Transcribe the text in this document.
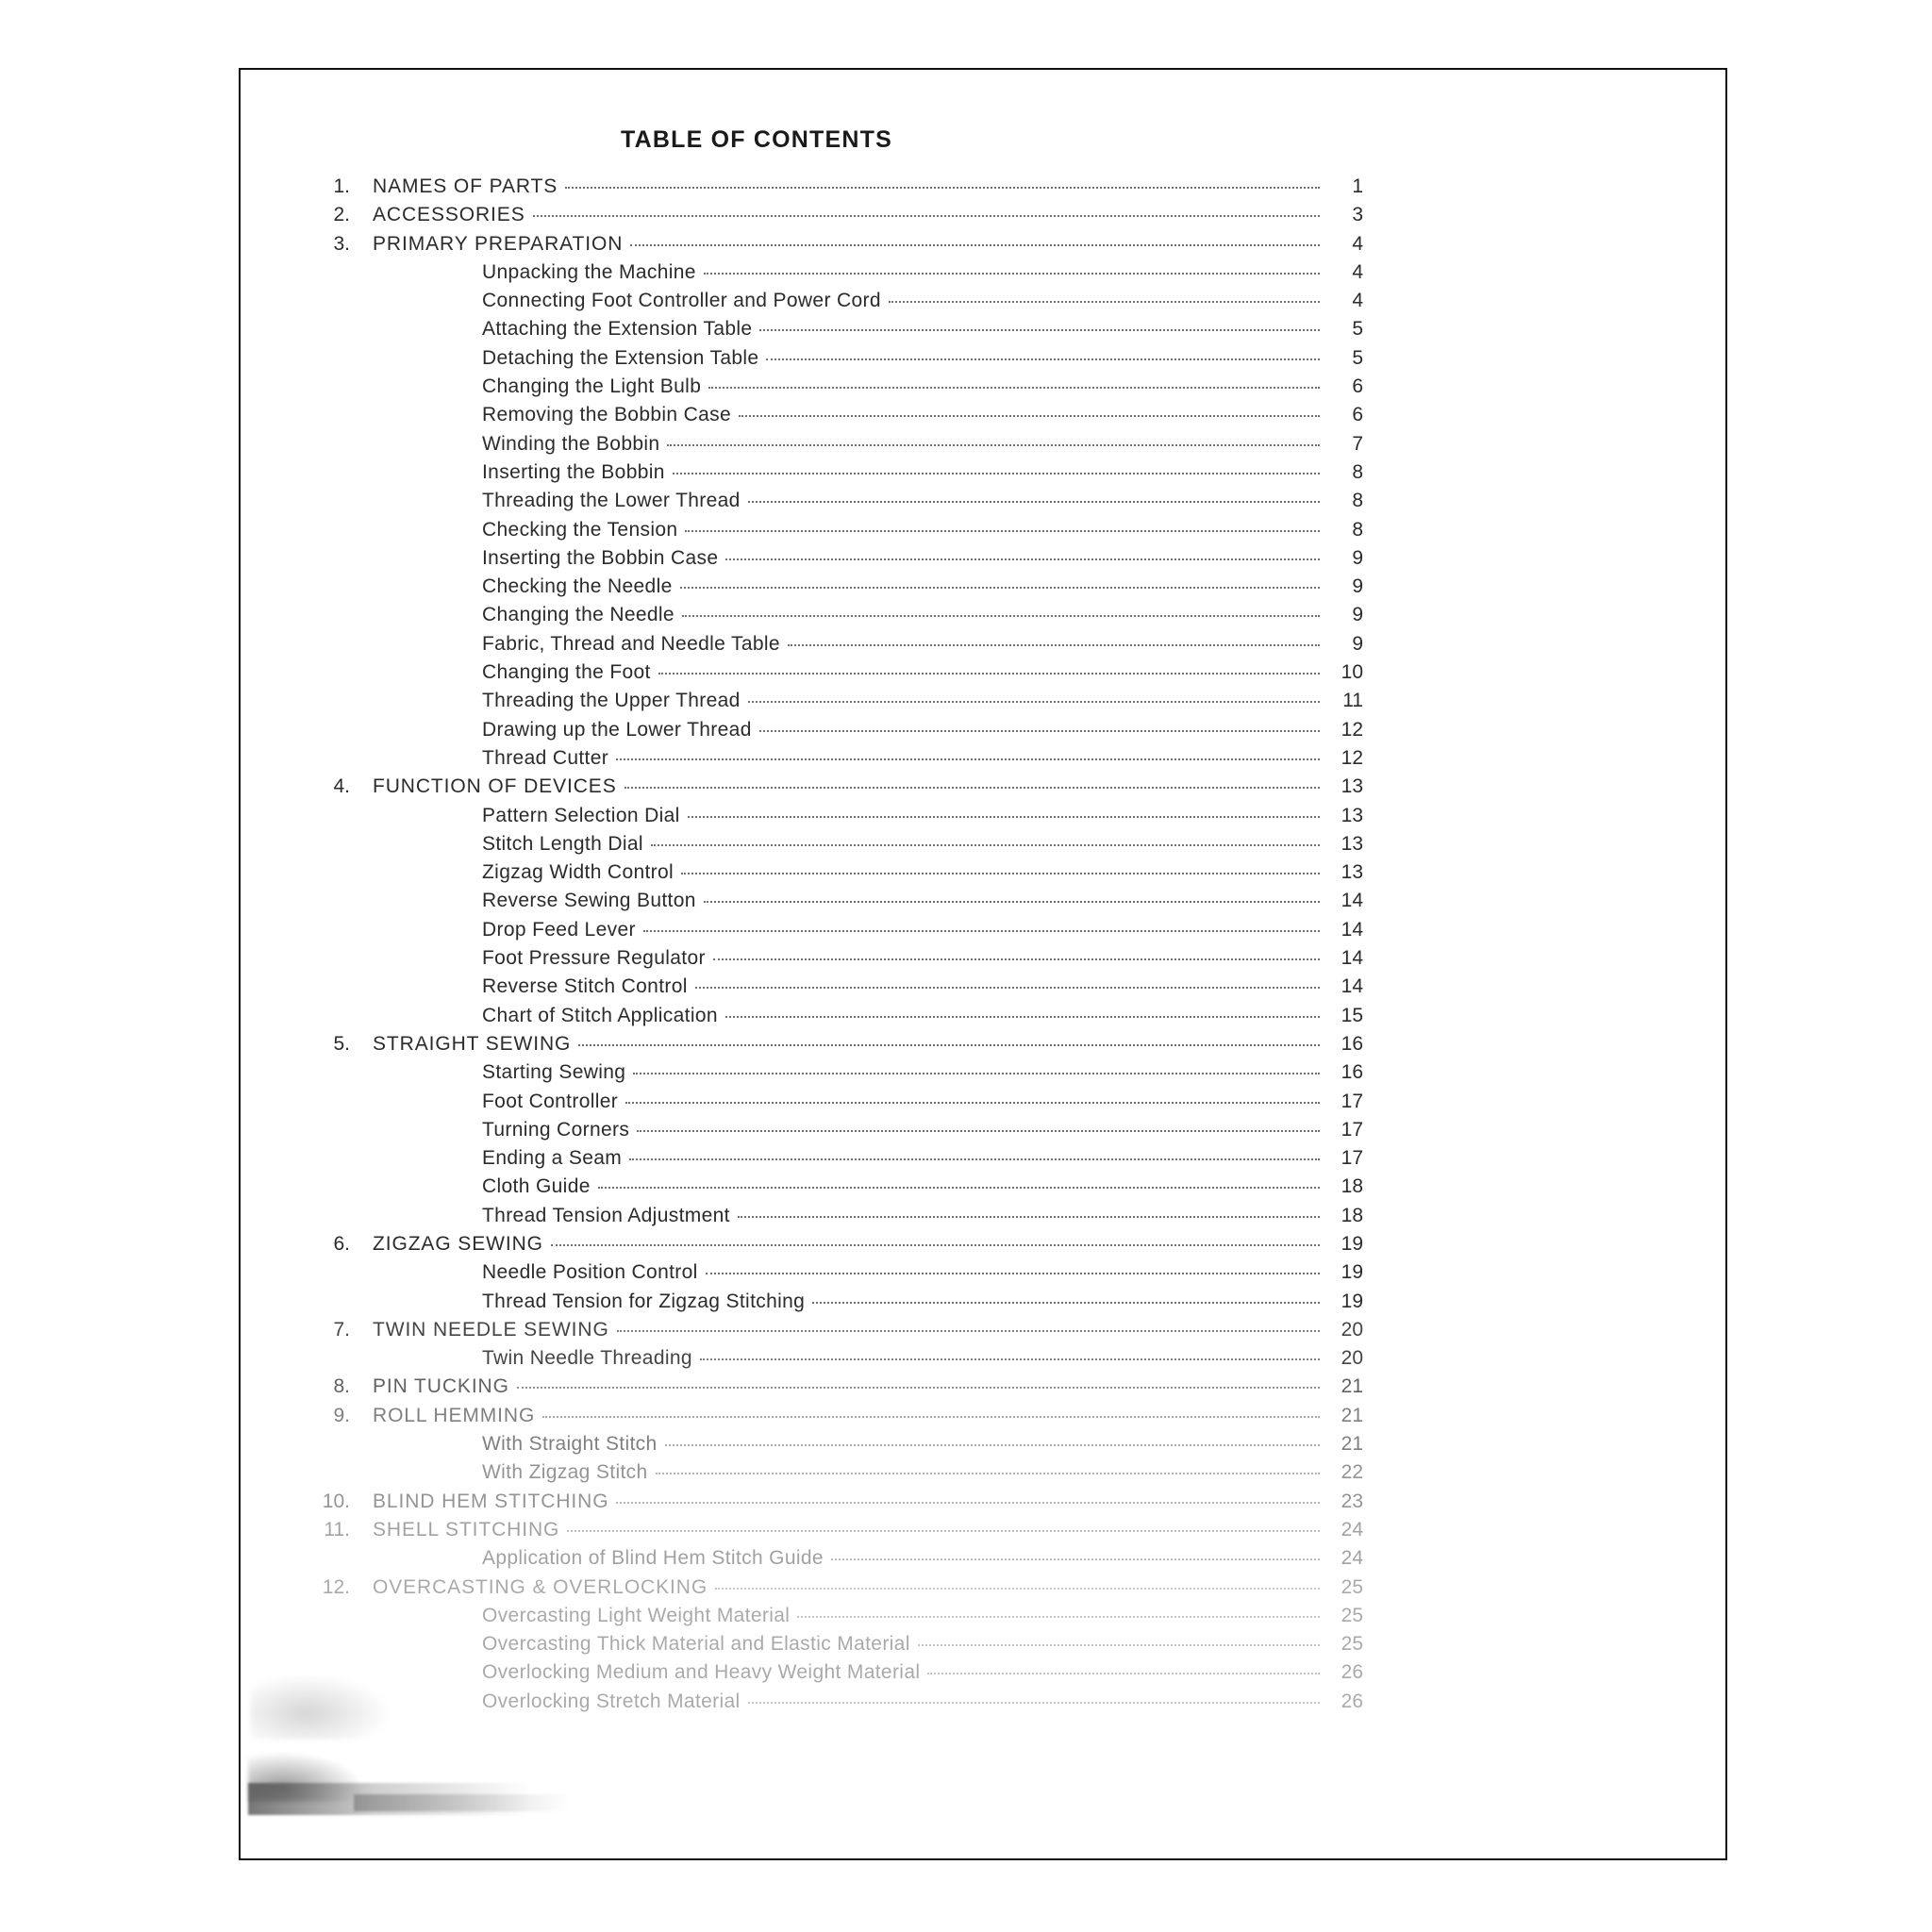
TABLE OF CONTENTS
1.	NAMES OF PARTS	1
2.	ACCESSORIES	3
3.	PRIMARY PREPARATION	4
Unpacking the Machine	4
Connecting Foot Controller and Power Cord	4
Attaching the Extension Table	5
Detaching the Extension Table	5
Changing the Light Bulb	6
Removing the Bobbin Case	6
Winding the Bobbin	7
Inserting the Bobbin	8
Threading the Lower Thread	8
Checking the Tension	8
Inserting the Bobbin Case	9
Checking the Needle	9
Changing the Needle	9
Fabric, Thread and Needle Table	9
Changing the Foot	10
Threading the Upper Thread	11
Drawing up the Lower Thread	12
Thread Cutter	12
4.	FUNCTION OF DEVICES	13
Pattern Selection Dial	13
Stitch Length Dial	13
Zigzag Width Control	13
Reverse Sewing Button	14
Drop Feed Lever	14
Foot Pressure Regulator	14
Reverse Stitch Control	14
Chart of Stitch Application	15
5.	STRAIGHT SEWING	16
Starting Sewing	16
Foot Controller	17
Turning Corners	17
Ending a Seam	17
Cloth Guide	18
Thread Tension Adjustment	18
6.	ZIGZAG SEWING	19
Needle Position Control	19
Thread Tension for Zigzag Stitching	19
7.	TWIN NEEDLE SEWING	20
Twin Needle Threading	20
8.	PIN TUCKING	21
9.	ROLL HEMMING	21
With Straight Stitch	21
With Zigzag Stitch	22
10.	BLIND HEM STITCHING	23
11.	SHELL STITCHING	24
Application of Blind Hem Stitch Guide	24
12.	OVERCASTING & OVERLOCKING	25
Overcasting Light Weight Material	25
Overcasting Thick Material and Elastic Material	25
Overlocking Medium and Heavy Weight Material	26
Overlocking Stretch Material	26
